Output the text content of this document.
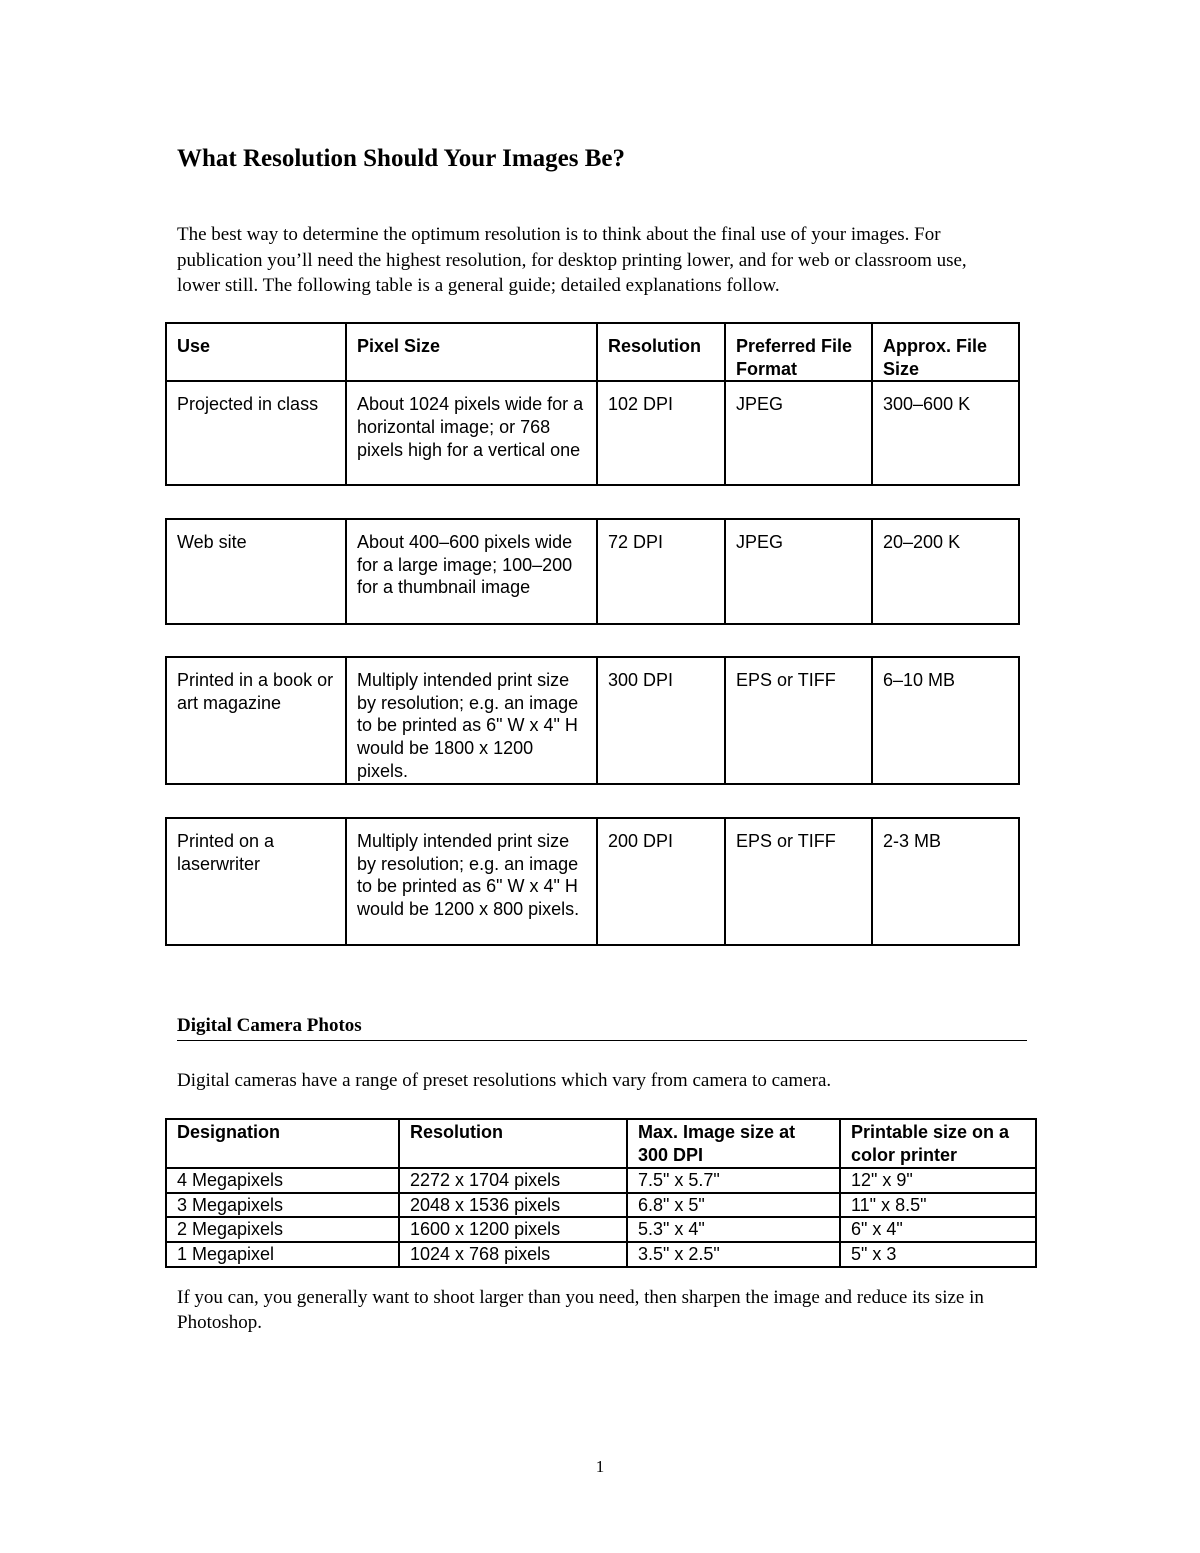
What Resolution Should Your Images Be?

The best way to determine the optimum resolution is to think about the final use of your images. For publication you’ll need the highest resolution, for desktop printing lower, and for web or classroom use, lower still. The following table is a general guide; detailed explanations follow.

Use	Pixel Size	Resolution	Preferred File Format	Approx. File Size
Projected in class	About 1024 pixels wide for a horizontal image; or 768 pixels high for a vertical one	102 DPI	JPEG	300–600 K
Web site	About 400–600 pixels wide for a large image; 100–200 for a thumbnail image	72 DPI	JPEG	20–200 K
Printed in a book or art magazine	Multiply intended print size by resolution; e.g. an image to be printed as 6" W x 4" H would be 1800 x 1200 pixels.	300 DPI	EPS or TIFF	6–10 MB
Printed on a laserwriter	Multiply intended print size by resolution; e.g. an image to be printed as 6" W x 4" H would be 1200 x 800 pixels.	200 DPI	EPS or TIFF	2-3 MB
Digital Camera Photos

Digital cameras have a range of preset resolutions which vary from camera to camera.

Designation	Resolution	Max. Image size at 300 DPI	Printable size on a color printer
4 Megapixels	2272 x 1704 pixels	7.5" x 5.7"	12" x 9"
3 Megapixels	2048 x 1536 pixels	6.8" x 5"	11" x 8.5"
2 Megapixels	1600 x 1200 pixels	5.3" x 4"	6" x 4"
1 Megapixel	1024 x 768 pixels	3.5" x 2.5"	5" x 3

If you can, you generally want to shoot larger than you need, then sharpen the image and reduce its size in Photoshop.

1
